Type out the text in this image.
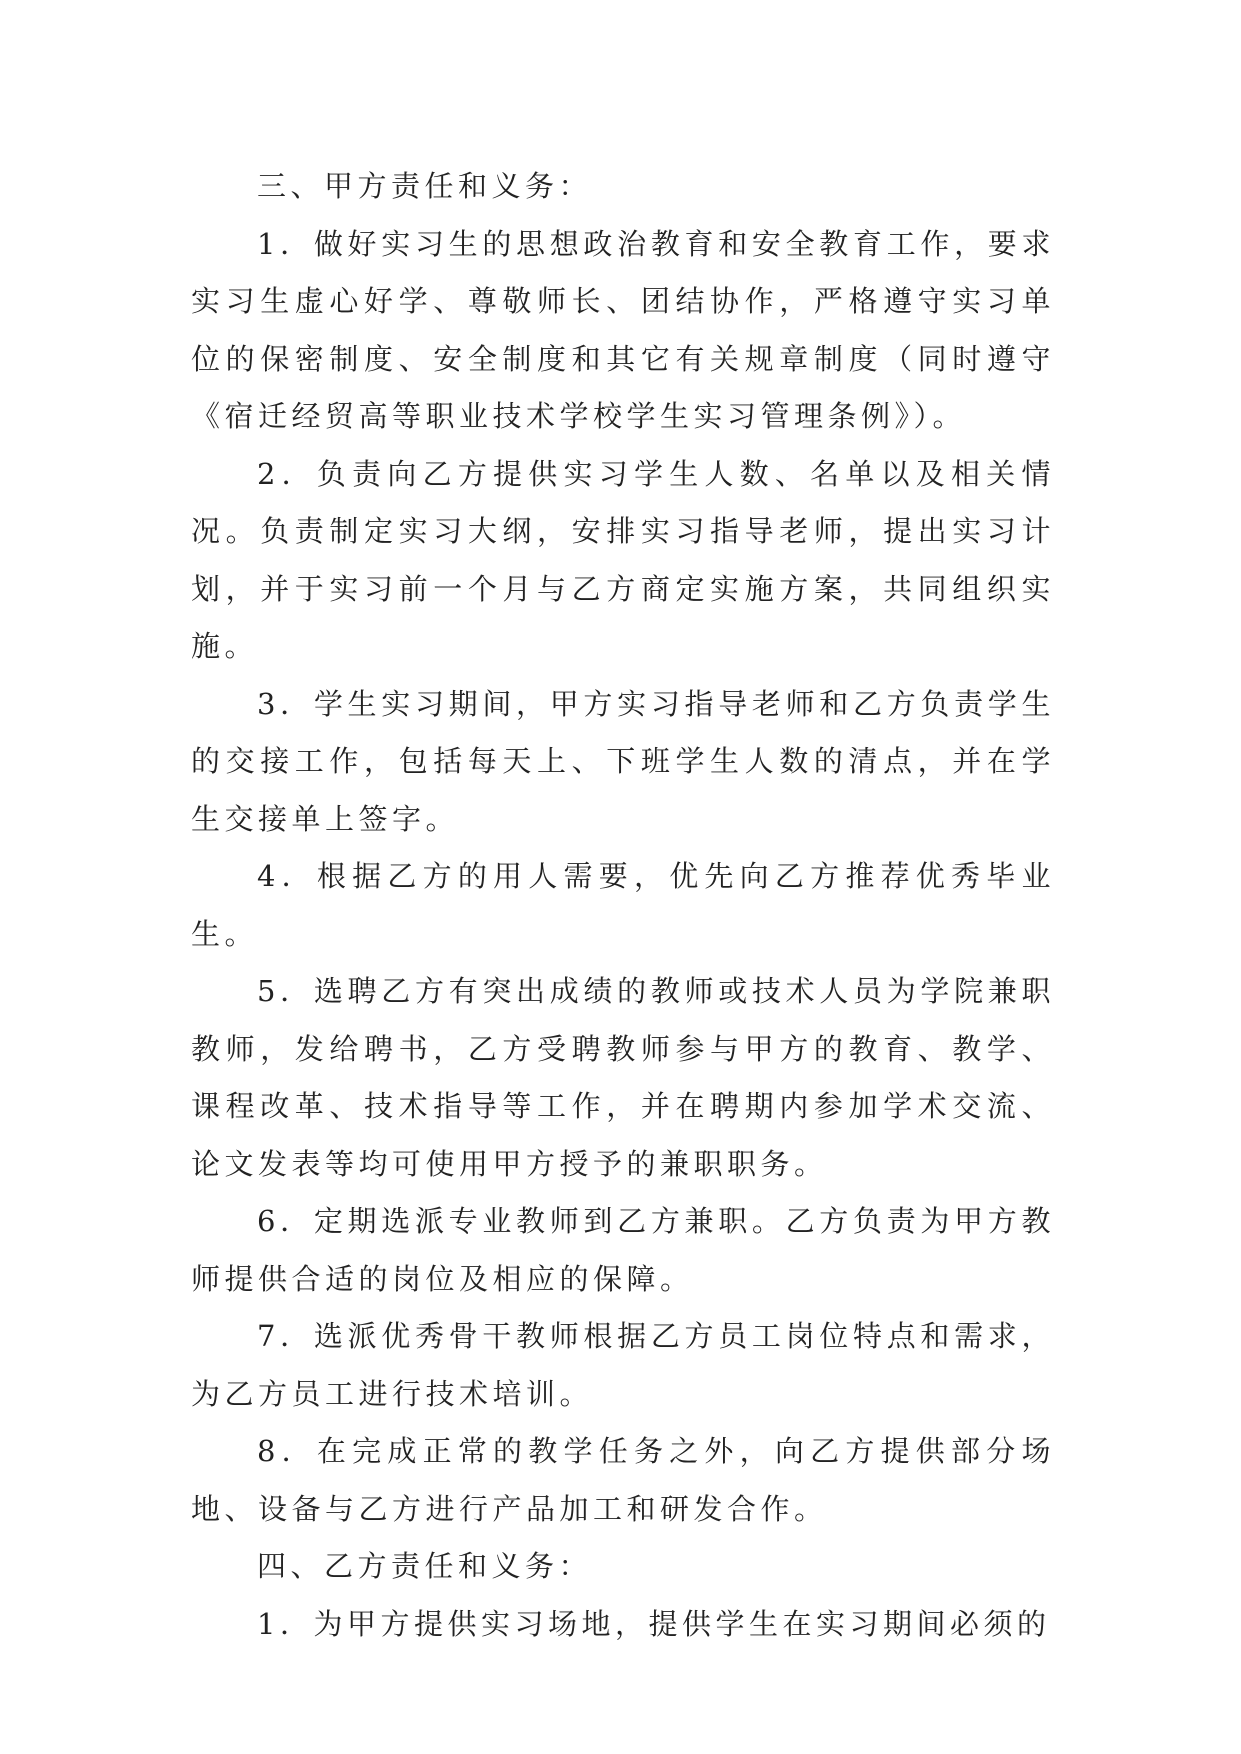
三、甲方责任和义务：

1．做好实习生的思想政治教育和安全教育工作，要求实习生虚心好学、尊敬师长、团结协作，严格遵守实习单位的保密制度、安全制度和其它有关规章制度（同时遵守《宿迁经贸高等职业技术学校学生实习管理条例》）。

2．负责向乙方提供实习学生人数、名单以及相关情况。负责制定实习大纲，安排实习指导老师，提出实习计划，并于实习前一个月与乙方商定实施方案，共同组织实施。

3．学生实习期间，甲方实习指导老师和乙方负责学生的交接工作，包括每天上、下班学生人数的清点，并在学生交接单上签字。

4．根据乙方的用人需要，优先向乙方推荐优秀毕业生。

5．选聘乙方有突出成绩的教师或技术人员为学院兼职教师，发给聘书，乙方受聘教师参与甲方的教育、教学、课程改革、技术指导等工作，并在聘期内参加学术交流、论文发表等均可使用甲方授予的兼职职务。

6．定期选派专业教师到乙方兼职。乙方负责为甲方教师提供合适的岗位及相应的保障。

7．选派优秀骨干教师根据乙方员工岗位特点和需求，为乙方员工进行技术培训。

8．在完成正常的教学任务之外，向乙方提供部分场地、设备与乙方进行产品加工和研发合作。

四、乙方责任和义务：

1．为甲方提供实习场地，提供学生在实习期间必须的
